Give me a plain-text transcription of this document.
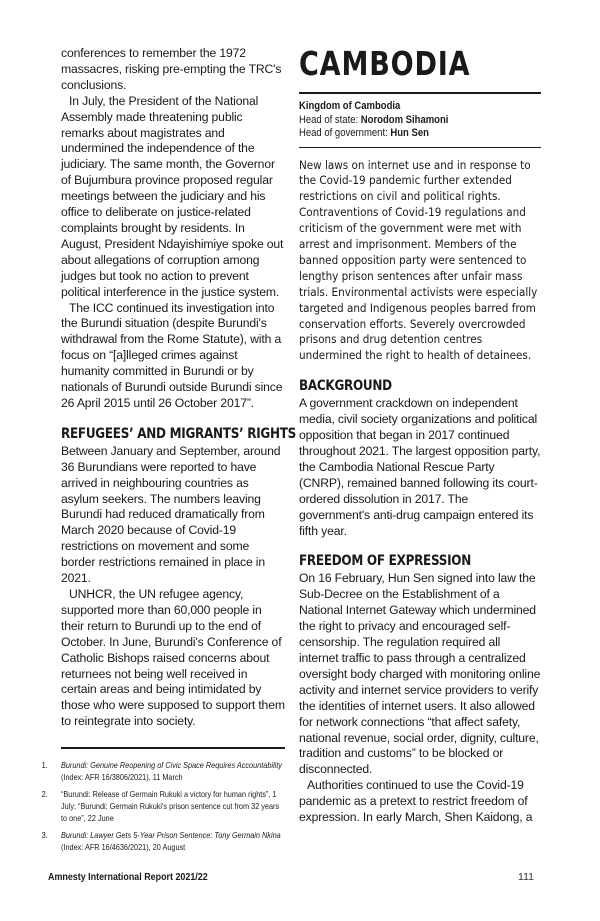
conferences to remember the 1972 massacres, risking pre-empting the TRC's conclusions.

In July, the President of the National Assembly made threatening public remarks about magistrates and undermined the independence of the judiciary. The same month, the Governor of Bujumbura province proposed regular meetings between the judiciary and his office to deliberate on justice-related complaints brought by residents. In August, President Ndayishimiye spoke out about allegations of corruption among judges but took no action to prevent political interference in the justice system.

The ICC continued its investigation into the Burundi situation (despite Burundi's withdrawal from the Rome Statute), with a focus on “[a]lleged crimes against humanity committed in Burundi or by nationals of Burundi outside Burundi since 26 April 2015 until 26 October 2017”.

REFUGEES’ AND MIGRANTS’ RIGHTS

Between January and September, around 36 Burundians were reported to have arrived in neighbouring countries as asylum seekers. The numbers leaving Burundi had reduced dramatically from March 2020 because of Covid-19 restrictions on movement and some border restrictions remained in place in 2021.

UNHCR, the UN refugee agency, supported more than 60,000 people in their return to Burundi up to the end of October. In June, Burundi's Conference of Catholic Bishops raised concerns about returnees not being well received in certain areas and being intimidated by those who were supposed to support them to reintegrate into society.

1. Burundi: Genuine Reopening of Civic Space Requires Accountability (Index: AFR 16/3806/2021), 11 March
2. “Burundi: Release of Germain Rukuki a victory for human rights”, 1 July; “Burundi: Germain Rukuki's prison sentence cut from 32 years to one”, 22 June
3. Burundi: Lawyer Gets 5-Year Prison Sentence: Tony Germain Nkina (Index: AFR 16/4636/2021), 20 August
CAMBODIA
Kingdom of Cambodia
Head of state: Norodom Sihamoni
Head of government: Hun Sen

New laws on internet use and in response to the Covid-19 pandemic further extended restrictions on civil and political rights. Contraventions of Covid-19 regulations and criticism of the government were met with arrest and imprisonment. Members of the banned opposition party were sentenced to lengthy prison sentences after unfair mass trials. Environmental activists were especially targeted and Indigenous peoples barred from conservation efforts. Severely overcrowded prisons and drug detention centres undermined the right to health of detainees.

BACKGROUND

A government crackdown on independent media, civil society organizations and political opposition that began in 2017 continued throughout 2021. The largest opposition party, the Cambodia National Rescue Party (CNRP), remained banned following its court-ordered dissolution in 2017. The government's anti-drug campaign entered its fifth year.

FREEDOM OF EXPRESSION

On 16 February, Hun Sen signed into law the Sub-Decree on the Establishment of a National Internet Gateway which undermined the right to privacy and encouraged self-censorship. The regulation required all internet traffic to pass through a centralized oversight body charged with monitoring online activity and internet service providers to verify the identities of internet users. It also allowed for network connections “that affect safety, national revenue, social order, dignity, culture, tradition and customs” to be blocked or disconnected.

Authorities continued to use the Covid-19 pandemic as a pretext to restrict freedom of expression. In early March, Shen Kaidong, a

Amnesty International Report 2021/22	111
